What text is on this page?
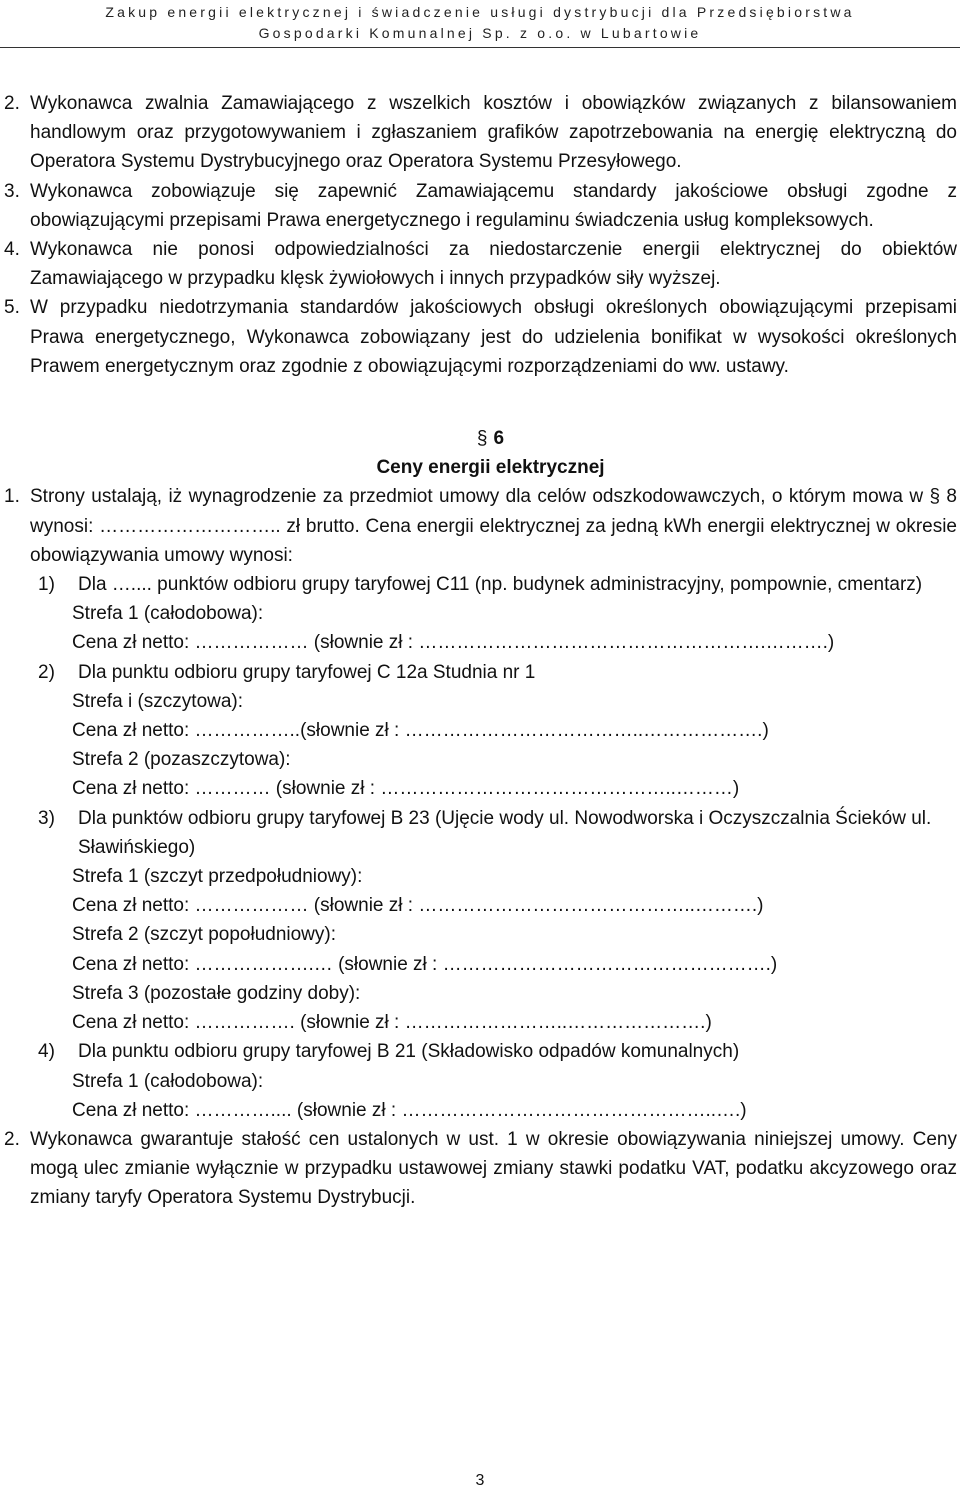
Zakup energii elektrycznej i świadczenie usługi dystrybucji dla Przedsiębiorstwa
Gospodarki Komunalnej Sp. z o.o. w Lubartowie
2. Wykonawca zwalnia Zamawiającego z wszelkich kosztów i obowiązków związanych z bilansowaniem handlowym oraz przygotowywaniem i zgłaszaniem grafików zapotrzebowania na energię elektryczną do Operatora Systemu Dystrybucyjnego oraz Operatora Systemu Przesyłowego.
3. Wykonawca zobowiązuje się zapewnić Zamawiającemu standardy jakościowe obsługi zgodne z obowiązującymi przepisami Prawa energetycznego i regulaminu świadczenia usług kompleksowych.
4. Wykonawca nie ponosi odpowiedzialności za niedostarczenie energii elektrycznej do obiektów Zamawiającego w przypadku klęsk żywiołowych i innych przypadków siły wyższej.
5. W przypadku niedotrzymania standardów jakościowych obsługi określonych obowiązującymi przepisami Prawa energetycznego, Wykonawca zobowiązany jest do udzielenia bonifikat w wysokości określonych Prawem energetycznym oraz zgodnie z obowiązującymi rozporządzeniami do ww. ustawy.
§ 6
Ceny energii elektrycznej
1. Strony ustalają, iż wynagrodzenie za przedmiot umowy dla celów odszkodowawczych, o którym mowa w § 8 wynosi: ……………………….. zł brutto. Cena energii elektrycznej za jedną kWh energii elektrycznej w okresie obowiązywania umowy wynosi:
1)	Dla ….... punktów odbioru grupy taryfowej C11 (np. budynek administracyjny, pompownie, cmentarz)
Strefa 1 (całodobowa):
Cena zł netto: ……………… (słownie zł : ……………………………………………….……….)
2)	Dla punktu odbioru grupy taryfowej C 12a Studnia nr 1
Strefa i (szczytowa):
Cena zł netto: ……………..(słownie zł : ………………………………..……………….)
Strefa 2 (pozaszczytowa):
Cena zł netto: ………… (słownie zł : ………………………………………..………)
3)	Dla punktów odbioru grupy taryfowej B 23 (Ujęcie wody ul. Nowodworska i Oczyszczalnia Ścieków ul. Sławińskiego)
Strefa 1 (szczyt przedpołudniowy):
Cena zł netto: ……………… (słownie zł : ……………………………………..……….)
Strefa 2 (szczyt popołudniowy):
Cena zł netto: ……………….… (słownie zł : …………………………………………….)
Strefa 3 (pozostałe godziny doby):
Cena zł netto: ……………. (słownie zł : ……………………..………………….)
4)	Dla punktu odbioru grupy taryfowej B 21 (Składowisko odpadów komunalnych)
Strefa 1 (całodobowa):
Cena zł netto: ………….... (słownie zł : …………………………………………..….)
2. Wykonawca gwarantuje stałość cen ustalonych w ust. 1 w okresie obowiązywania niniejszej umowy. Ceny mogą ulec zmianie wyłącznie w przypadku ustawowej zmiany stawki podatku VAT, podatku akcyzowego oraz zmiany taryfy Operatora Systemu Dystrybucji.
3
